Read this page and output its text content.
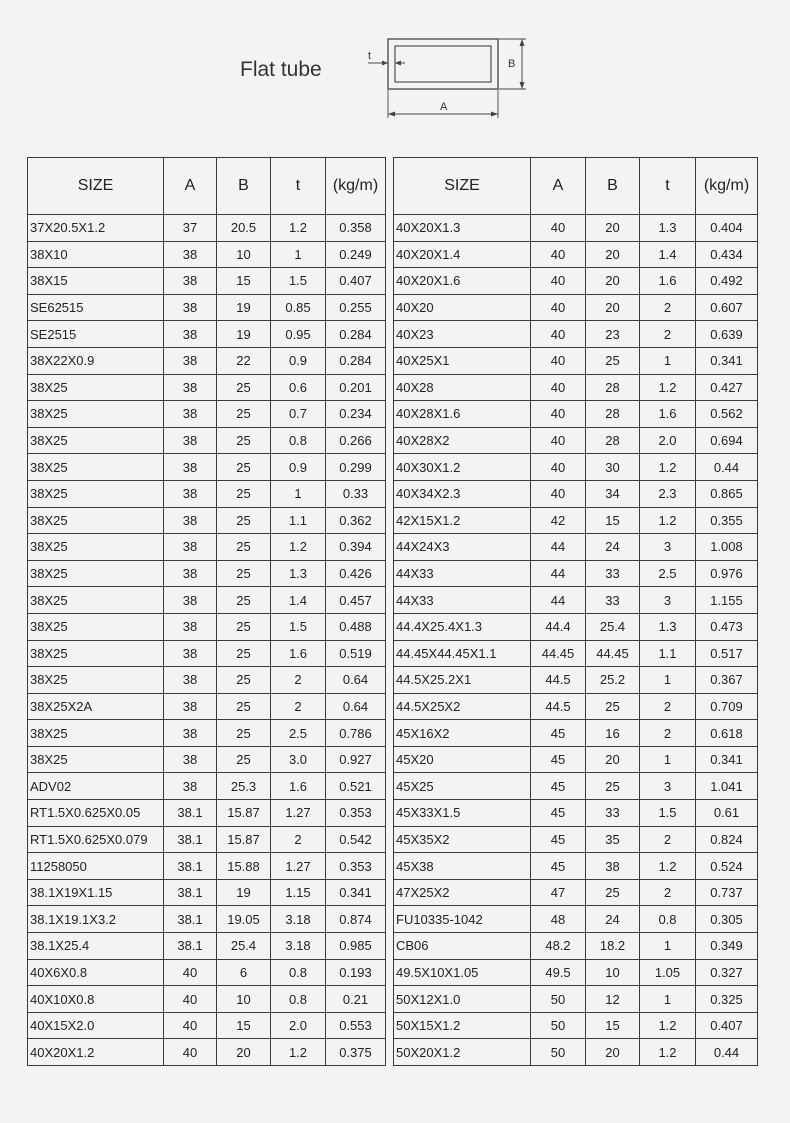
Flat tube
t
A
B
SIZE	A	B	t	(kg/m)
37X20.5X1.2	37	20.5	1.2	0.358
38X10	38	10	1	0.249
38X15	38	15	1.5	0.407
SE62515	38	19	0.85	0.255
SE2515	38	19	0.95	0.284
38X22X0.9	38	22	0.9	0.284
38X25	38	25	0.6	0.201
38X25	38	25	0.7	0.234
38X25	38	25	0.8	0.266
38X25	38	25	0.9	0.299
38X25	38	25	1	0.33
38X25	38	25	1.1	0.362
38X25	38	25	1.2	0.394
38X25	38	25	1.3	0.426
38X25	38	25	1.4	0.457
38X25	38	25	1.5	0.488
38X25	38	25	1.6	0.519
38X25	38	25	2	0.64
38X25X2A	38	25	2	0.64
38X25	38	25	2.5	0.786
38X25	38	25	3.0	0.927
ADV02	38	25.3	1.6	0.521
RT1.5X0.625X0.05	38.1	15.87	1.27	0.353
RT1.5X0.625X0.079	38.1	15.87	2	0.542
11258050	38.1	15.88	1.27	0.353
38.1X19X1.15	38.1	19	1.15	0.341
38.1X19.1X3.2	38.1	19.05	3.18	0.874
38.1X25.4	38.1	25.4	3.18	0.985
40X6X0.8	40	6	0.8	0.193
40X10X0.8	40	10	0.8	0.21
40X15X2.0	40	15	2.0	0.553
40X20X1.2	40	20	1.2	0.375
SIZE	A	B	t	(kg/m)
40X20X1.3	40	20	1.3	0.404
40X20X1.4	40	20	1.4	0.434
40X20X1.6	40	20	1.6	0.492
40X20	40	20	2	0.607
40X23	40	23	2	0.639
40X25X1	40	25	1	0.341
40X28	40	28	1.2	0.427
40X28X1.6	40	28	1.6	0.562
40X28X2	40	28	2.0	0.694
40X30X1.2	40	30	1.2	0.44
40X34X2.3	40	34	2.3	0.865
42X15X1.2	42	15	1.2	0.355
44X24X3	44	24	3	1.008
44X33	44	33	2.5	0.976
44X33	44	33	3	1.155
44.4X25.4X1.3	44.4	25.4	1.3	0.473
44.45X44.45X1.1	44.45	44.45	1.1	0.517
44.5X25.2X1	44.5	25.2	1	0.367
44.5X25X2	44.5	25	2	0.709
45X16X2	45	16	2	0.618
45X20	45	20	1	0.341
45X25	45	25	3	1.041
45X33X1.5	45	33	1.5	0.61
45X35X2	45	35	2	0.824
45X38	45	38	1.2	0.524
47X25X2	47	25	2	0.737
FU10335-1042	48	24	0.8	0.305
CB06	48.2	18.2	1	0.349
49.5X10X1.05	49.5	10	1.05	0.327
50X12X1.0	50	12	1	0.325
50X15X1.2	50	15	1.2	0.407
50X20X1.2	50	20	1.2	0.44
